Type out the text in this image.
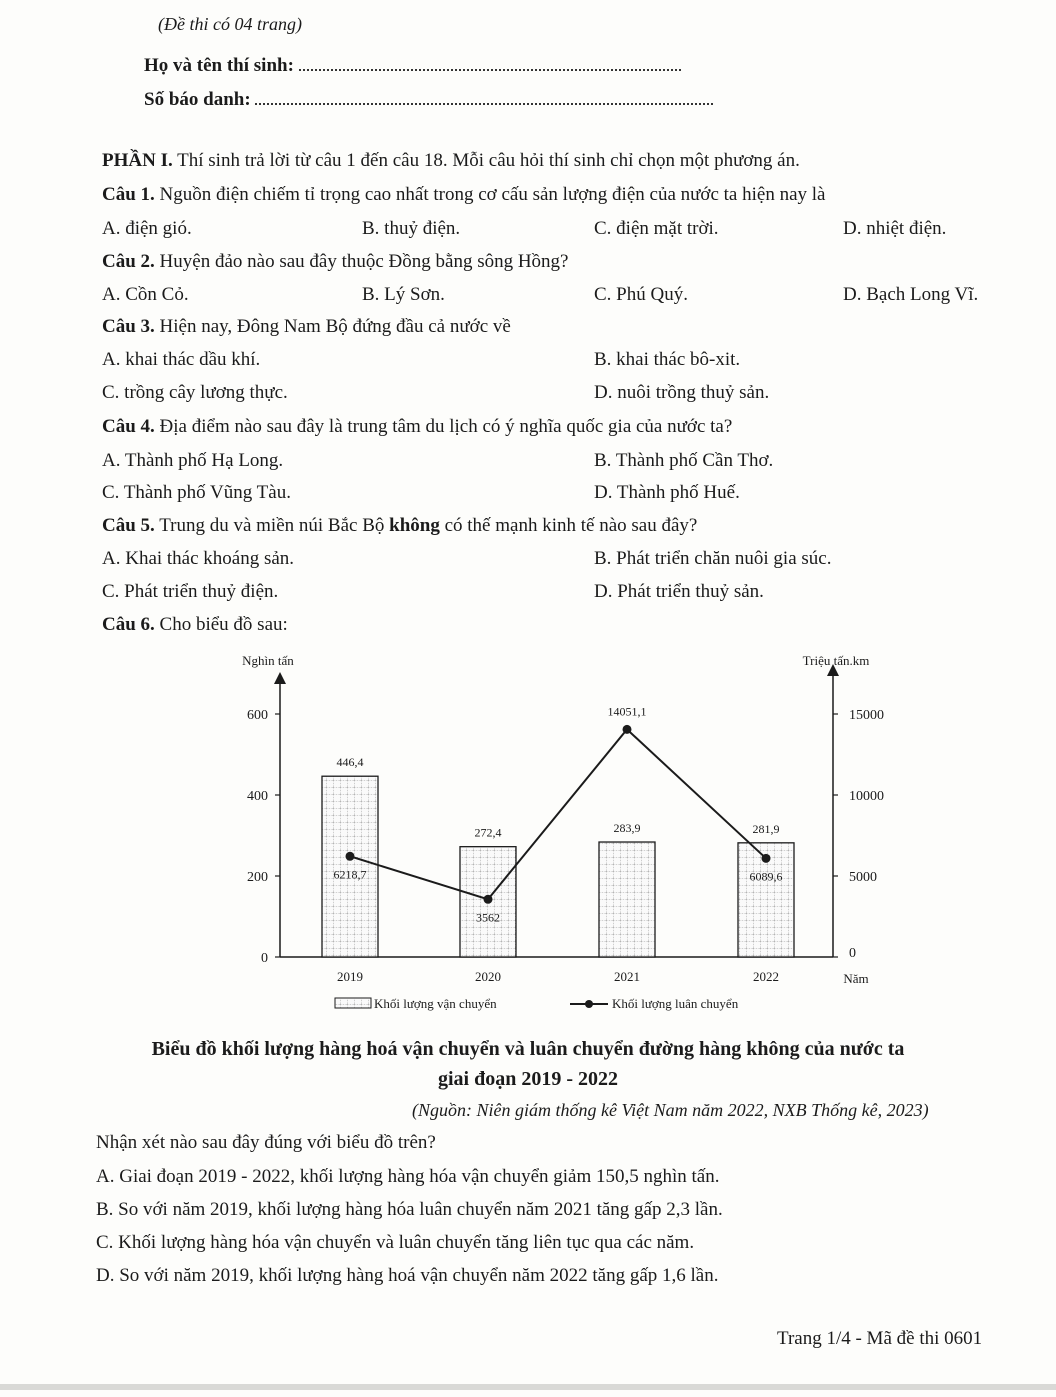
(Đề thi có 04 trang)
Họ và tên thí sinh:
Số báo danh:
PHẦN I. Thí sinh trả lời từ câu 1 đến câu 18. Mỗi câu hỏi thí sinh chỉ chọn một phương án.
Câu 1. Nguồn điện chiếm tỉ trọng cao nhất trong cơ cấu sản lượng điện của nước ta hiện nay là
A. điện gió.	B. thuỷ điện.	C. điện mặt trời.	D. nhiệt điện.
Câu 2. Huyện đảo nào sau đây thuộc Đồng bằng sông Hồng?
A. Cồn Cỏ.	B. Lý Sơn.	C. Phú Quý.	D. Bạch Long Vĩ.
Câu 3. Hiện nay, Đông Nam Bộ đứng đầu cả nước về
A. khai thác dầu khí.	B. khai thác bô-xit.
C. trồng cây lương thực.	D. nuôi trồng thuỷ sản.
Câu 4. Địa điểm nào sau đây là trung tâm du lịch có ý nghĩa quốc gia của nước ta?
A. Thành phố Hạ Long.	B. Thành phố Cần Thơ.
C. Thành phố Vũng Tàu.	D. Thành phố Huế.
Câu 5. Trung du và miền núi Bắc Bộ không có thế mạnh kinh tế nào sau đây?
A. Khai thác khoáng sản.	B. Phát triển chăn nuôi gia súc.
C. Phát triển thuỷ điện.	D. Phát triển thuỷ sản.
Câu 6. Cho biểu đồ sau:
Nghìn tấn	Triệu tấn.km
Năm
0
200
400
600
0
5000
10000
15000
2019	2020	2021	2022
446,4
272,4	283,9	281,9
6218,7
3562
14051,1
6089,6
Khối lượng vận chuyển	Khối lượng luân chuyển
Biểu đồ khối lượng hàng hoá vận chuyển và luân chuyển đường hàng không của nước ta
giai đoạn 2019 - 2022
(Nguồn: Niên giám thống kê Việt Nam năm 2022, NXB Thống kê, 2023)
Nhận xét nào sau đây đúng với biểu đồ trên?
A. Giai đoạn 2019 - 2022, khối lượng hàng hóa vận chuyển giảm 150,5 nghìn tấn.
B. So với năm 2019, khối lượng hàng hóa luân chuyển năm 2021 tăng gấp 2,3 lần.
C. Khối lượng hàng hóa vận chuyển và luân chuyển tăng liên tục qua các năm.
D. So với năm 2019, khối lượng hàng hoá vận chuyển năm 2022 tăng gấp 1,6 lần.
Trang 1/4 - Mã đề thi 0601
